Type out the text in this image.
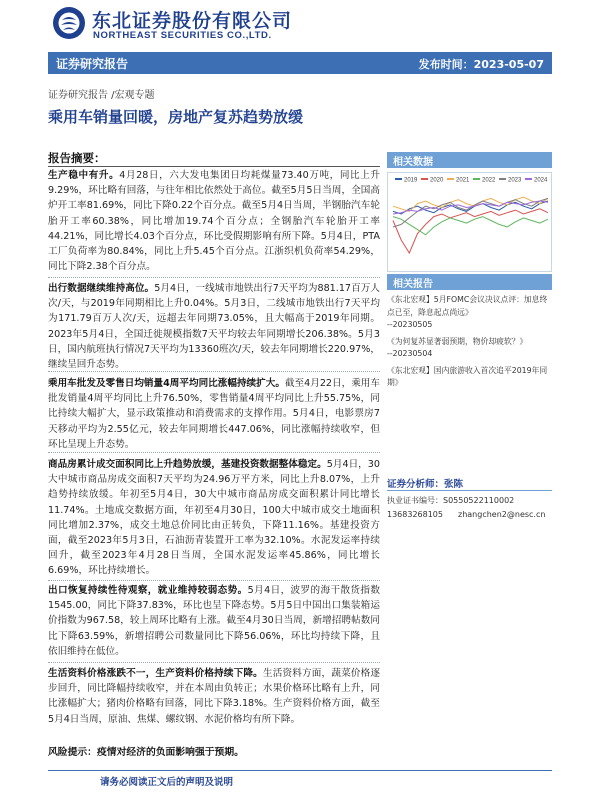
东北证券股份有限公司
NORTHEAST SECURITIES CO.,LTD.
证券研究报告	发布时间：2023-05-07
证券研究报告 /宏观专题
乘用车销量回暖，房地产复苏趋势放缓
报告摘要：

生产稳中有升。4月28日，六大发电集团日均耗煤量73.40万吨，同比上升9.29%，环比略有回落，与往年相比依然处于高位。截至5月5日当周，全国高炉开工率81.69%，同比下降0.22个百分点。截至5月4日当周，半钢胎汽车轮胎开工率60.38%，同比增加19.74个百分点；全钢胎汽车轮胎开工率44.21%，同比增长4.03个百分点，环比受假期影响有所下降。5月4日，PTA工厂负荷率为80.84%，同比上升5.45个百分点。江浙织机负荷率54.29%，同比下降2.38个百分点。

出行数据继续维持高位。5月4日，一线城市地铁出行7天平均为881.17百万人次/天，与2019年同期相比上升0.04%。5月3日，二线城市地铁出行7天平均为171.79百万人次/天，远超去年同期73.05%，且大幅高于2019年同期。2023年5月4日，全国迁徙规模指数7天平均较去年同期增长206.38%。5月3日，国内航班执行情况7天平均为13360班次/天，较去年同期增长220.97%，继续呈回升态势。

乘用车批发及零售日均销量4周平均同比涨幅持续扩大。截至4月22日，乘用车批发销量4周平均同比上升76.50%，零售销量4周平均同比上升55.75%，同比持续大幅扩大，显示政策推动和消费需求的支撑作用。5月4日，电影票房7天移动平均为2.55亿元，较去年同期增长447.06%，同比涨幅持续收窄，但环比呈现上升态势。

商品房累计成交面积同比上升趋势放缓，基建投资数据整体稳定。5月4日，30大中城市商品房成交面积7天平均为24.96万平方米，同比上升8.07%，上升趋势持续放缓。年初至5月4日，30大中城市商品房成交面积累计同比增长11.74%。土地成交数据方面，年初至4月30日，100大中城市成交土地面积同比增加2.37%，成交土地总价同比由正转负，下降11.16%。基建投资方面，截至2023年5月3日，石油沥青装置开工率为32.10%。水泥发运率持续回升，截至2023年4月28日当周，全国水泥发运率45.86%，同比增长6.69%，环比持续增长。

出口恢复持续性待观察，就业维持较弱态势。5月4日，波罗的海干散货指数1545.00，同比下降37.83%，环比也呈下降态势。5月5日中国出口集装箱运价指数为967.58，较上周环比略有上涨。截至4月30日当周，新增招聘帖数同比下降63.59%，新增招聘公司数量同比下降56.06%，环比均持续下降，且依旧维持在低位。

生活资料价格涨跌不一，生产资料价格持续下降。生活资料方面，蔬菜价格逐步回升，同比降幅持续收窄，并在本周由负转正；水果价格环比略有上升，同比涨幅扩大；猪肉价格略有回落，同比下降3.18%。生产资料价格方面，截至5月4日当周，原油、焦煤、螺纹钢、水泥价格均有所下降。

风险提示：疫情对经济的负面影响强于预期。
请务必阅读正文后的声明及说明
相关数据
2019 2020 2021 2022 2023 2024
相关报告

《东北宏观】5月FOMC会议决议点评：加息终点已至，降息起点尚远》

--20230505

《为何复苏显著弱预期，物价却疲软？》

--20230504

《东北宏观】国内旅游收入首次追平2019年同期》

证券分析师：张陈
执业证书编号：S0550522110002
13683268105 zhangchen2@nesc.cn
